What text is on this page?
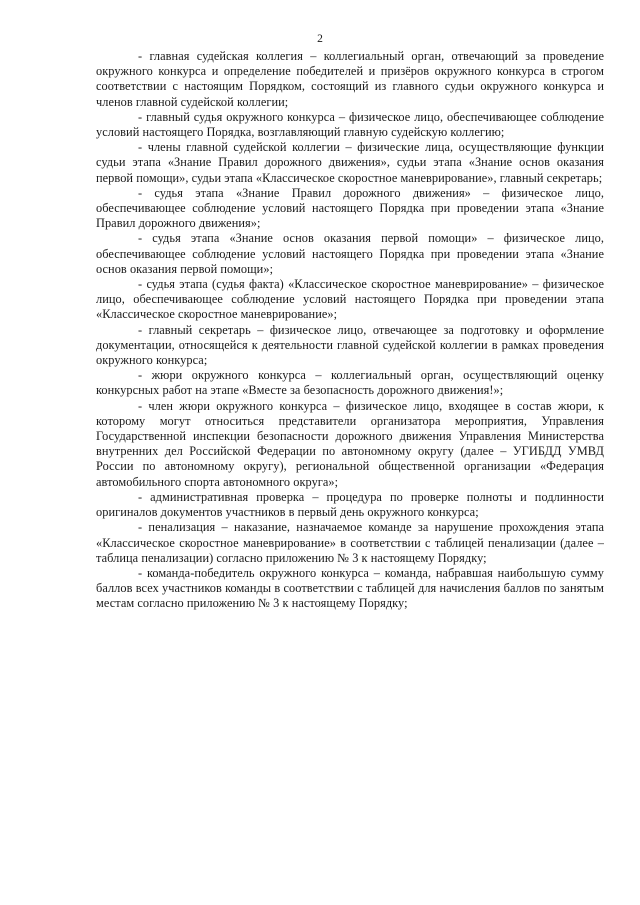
2

- главная судейская коллегия – коллегиальный орган, отвечающий за проведение окружного конкурса и определение победителей и призёров окружного конкурса в строгом соответствии с настоящим Порядком, состоящий из главного судьи окружного конкурса и членов главной судейской коллегии;

- главный судья окружного конкурса – физическое лицо, обеспечивающее соблюдение условий настоящего Порядка, возглавляющий главную судейскую коллегию;

- члены главной судейской коллегии – физические лица, осуществляющие функции судьи этапа «Знание Правил дорожного движения», судьи этапа «Знание основ оказания первой помощи», судьи этапа «Классическое скоростное маневрирование», главный секретарь;

- судья этапа «Знание Правил дорожного движения» – физическое лицо, обеспечивающее соблюдение условий настоящего Порядка при проведении этапа «Знание Правил дорожного движения»;

- судья этапа «Знание основ оказания первой помощи» – физическое лицо, обеспечивающее соблюдение условий настоящего Порядка при проведении этапа «Знание основ оказания первой помощи»;

- судья этапа (судья факта) «Классическое скоростное маневрирование» – физическое лицо, обеспечивающее соблюдение условий настоящего Порядка при проведении этапа «Классическое скоростное маневрирование»;

- главный секретарь – физическое лицо, отвечающее за подготовку и оформление документации, относящейся к деятельности главной судейской коллегии в рамках проведения окружного конкурса;

- жюри окружного конкурса – коллегиальный орган, осуществляющий оценку конкурсных работ на этапе «Вместе за безопасность дорожного движения!»;

- член жюри окружного конкурса – физическое лицо, входящее в состав жюри, к которому могут относиться представители организатора мероприятия, Управления Государственной инспекции безопасности дорожного движения Управления Министерства внутренних дел Российской Федерации по автономному округу (далее – УГИБДД УМВД России по автономному округу), региональной общественной организации «Федерация автомобильного спорта автономного округа»;

- административная проверка – процедура по проверке полноты и подлинности оригиналов документов участников в первый день окружного конкурса;

- пенализация – наказание, назначаемое команде за нарушение прохождения этапа «Классическое скоростное маневрирование» в соответствии с таблицей пенализации (далее – таблица пенализации) согласно приложению № 3 к настоящему Порядку;

- команда-победитель окружного конкурса – команда, набравшая наибольшую сумму баллов всех участников команды в соответствии с таблицей для начисления баллов по занятым местам согласно приложению № 3 к настоящему Порядку;
